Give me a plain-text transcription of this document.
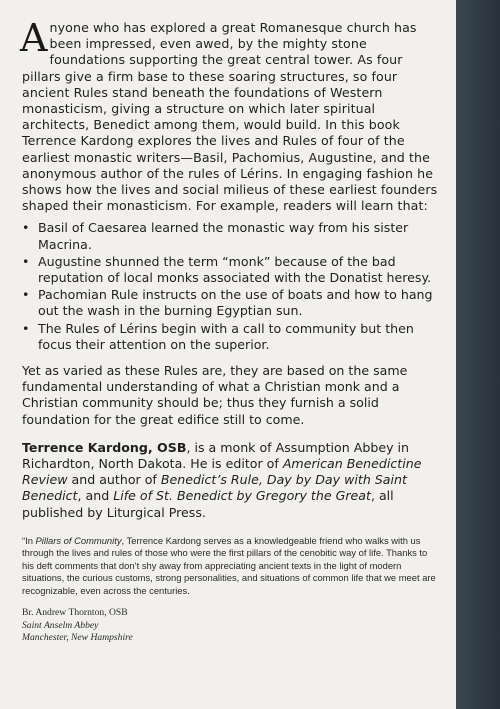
Anyone who has explored a great Romanesque church has been impressed, even awed, by the mighty stone foundations supporting the great central tower. As four pillars give a firm base to these soaring structures, so four ancient Rules stand beneath the foundations of Western monasticism, giving a structure on which later spiritual architects, Benedict among them, would build. In this book Terrence Kardong explores the lives and Rules of four of the earliest monastic writers—Basil, Pachomius, Augustine, and the anonymous author of the rules of Lérins. In engaging fashion he shows how the lives and social milieus of these earliest founders shaped their monasticism. For example, readers will learn that:

• Basil of Caesarea learned the monastic way from his sister Macrina.
• Augustine shunned the term “monk” because of the bad reputation of local monks associated with the Donatist heresy.
• Pachomian Rule instructs on the use of boats and how to hang out the wash in the burning Egyptian sun.
• The Rules of Lérins begin with a call to community but then focus their attention on the superior.

Yet as varied as these Rules are, they are based on the same fundamental understanding of what a Christian monk and a Christian community should be; thus they furnish a solid foundation for the great edifice still to come.

Terrence Kardong, OSB, is a monk of Assumption Abbey in Richardton, North Dakota. He is editor of American Benedictine Review and author of Benedict’s Rule, Day by Day with Saint Benedict, and Life of St. Benedict by Gregory the Great, all published by Liturgical Press.

“In Pillars of Community, Terrence Kardong serves as a knowledgeable friend who walks with us through the lives and rules of those who were the first pillars of the cenobitic way of life. Thanks to his deft comments that don’t shy away from appreciating ancient texts in the light of modern situations, the curious customs, strong personalities, and situations of common life that we meet are recognizable, even across the centuries.

Br. Andrew Thornton, OSB
Saint Anselm Abbey
Manchester, New Hampshire
